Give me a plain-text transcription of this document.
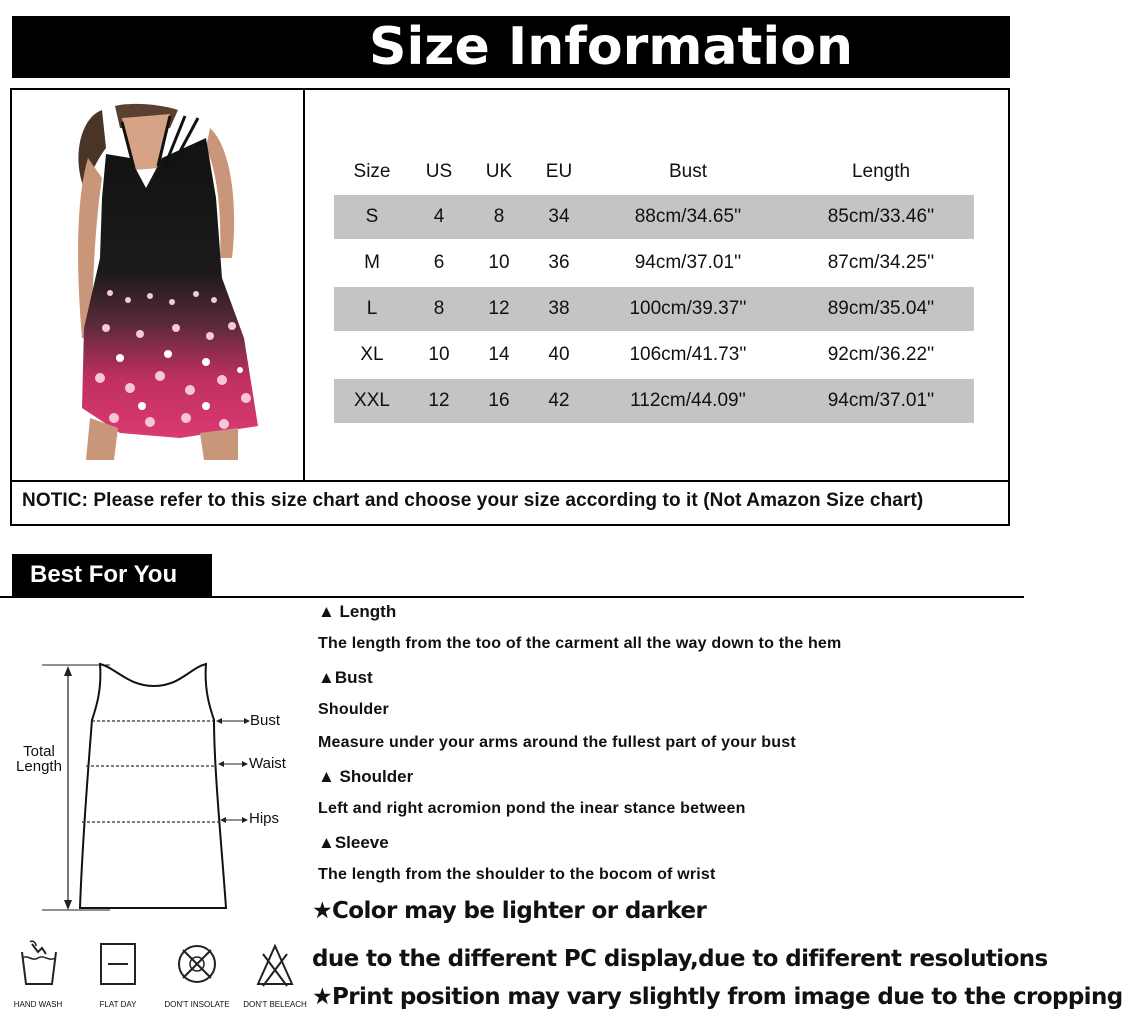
Size Information
Size	US	UK	EU	Bust	Length
S	4	8	34	88cm/34.65''	85cm/33.46''
M	6	10	36	94cm/37.01''	87cm/34.25''
L	8	12	38	100cm/39.37''	89cm/35.04''
XL	10	14	40	106cm/41.73''	92cm/36.22''
XXL	12	16	42	112cm/44.09''	94cm/37.01''
NOTIC: Please refer to this size chart and choose your size according to it (Not Amazon Size chart)
Best For You
Total
Length
Bust
Waist
Hips
▲ Length
The length from the too of the carment all the way down to the hem
▲Bust
Shoulder
Measure under your arms around the fullest part of your bust
▲ Shoulder
Left and right acromion pond the inear stance between
▲Sleeve
The length from the shoulder to the bocom of wrist
★Color may be lighter or darker
due to the different PC display,due to dififerent resolutions
★Print position may vary slightly from image due to the cropping
HAND WASH	FLAT DAY	DON'T INSOLATE	DON'T BELEACH
